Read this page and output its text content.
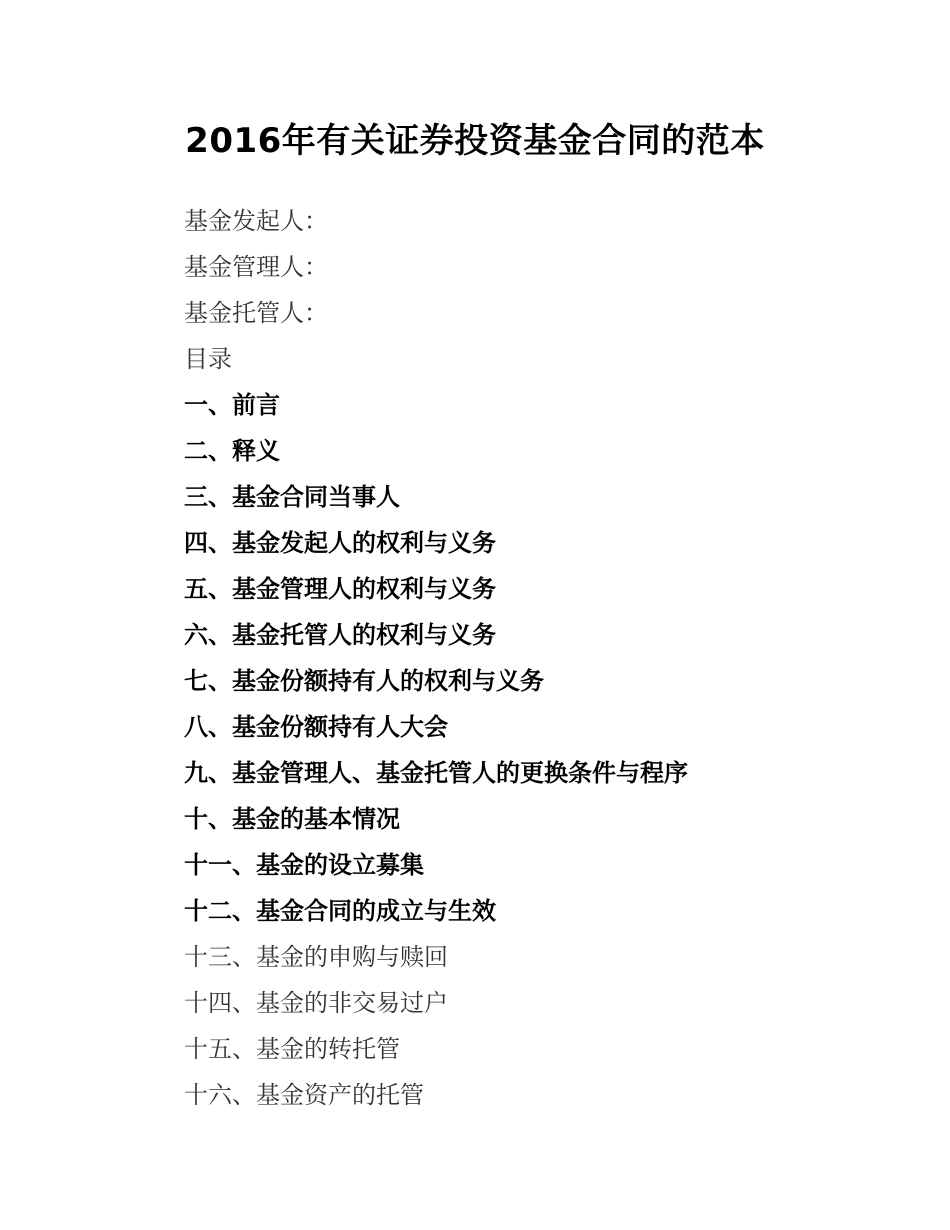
2016年有关证券投资基金合同的范本
基金发起人：
基金管理人：
基金托管人：
目录
一、前言
二、释义
三、基金合同当事人
四、基金发起人的权利与义务
五、基金管理人的权利与义务
六、基金托管人的权利与义务
七、基金份额持有人的权利与义务
八、基金份额持有人大会
九、基金管理人、基金托管人的更换条件与程序
十、基金的基本情况
十一、基金的设立募集
十二、基金合同的成立与生效
十三、基金的申购与赎回
十四、基金的非交易过户
十五、基金的转托管
十六、基金资产的托管
